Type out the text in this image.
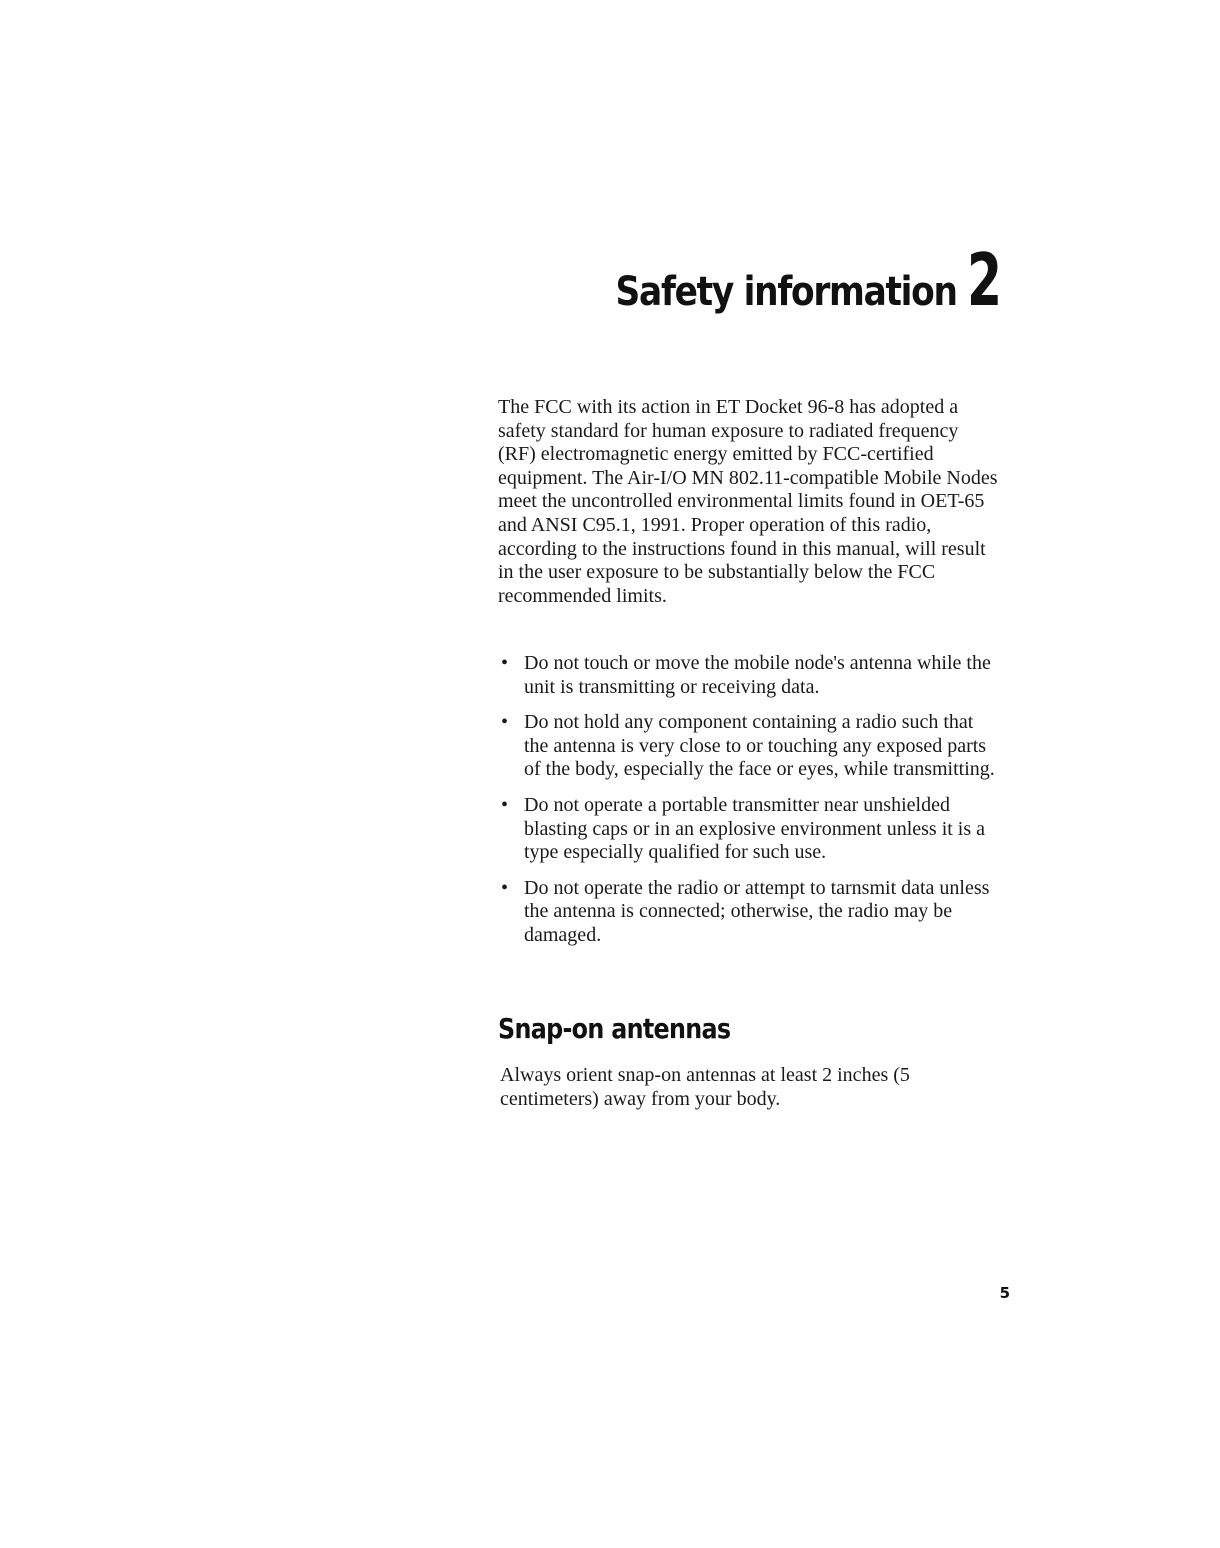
Safety information 2

The FCC with its action in ET Docket 96-8 has adopted a safety standard for human exposure to radiated frequency (RF) electromagnetic energy emitted by FCC-certified equipment. The Air-I/O MN 802.11-compatible Mobile Nodes meet the uncontrolled environmental limits found in OET-65 and ANSI C95.1, 1991. Proper operation of this radio, according to the instructions found in this manual, will result in the user exposure to be substantially below the FCC recommended limits.

• Do not touch or move the mobile node's antenna while the unit is transmitting or receiving data.
• Do not hold any component containing a radio such that the antenna is very close to or touching any exposed parts of the body, especially the face or eyes, while transmitting.
• Do not operate a portable transmitter near unshielded blasting caps or in an explosive environment unless it is a type especially qualified for such use.
• Do not operate the radio or attempt to tarnsmit data unless the antenna is connected; otherwise, the radio may be damaged.
Snap-on antennas

Always orient snap-on antennas at least 2 inches (5 centimeters) away from your body.

5
